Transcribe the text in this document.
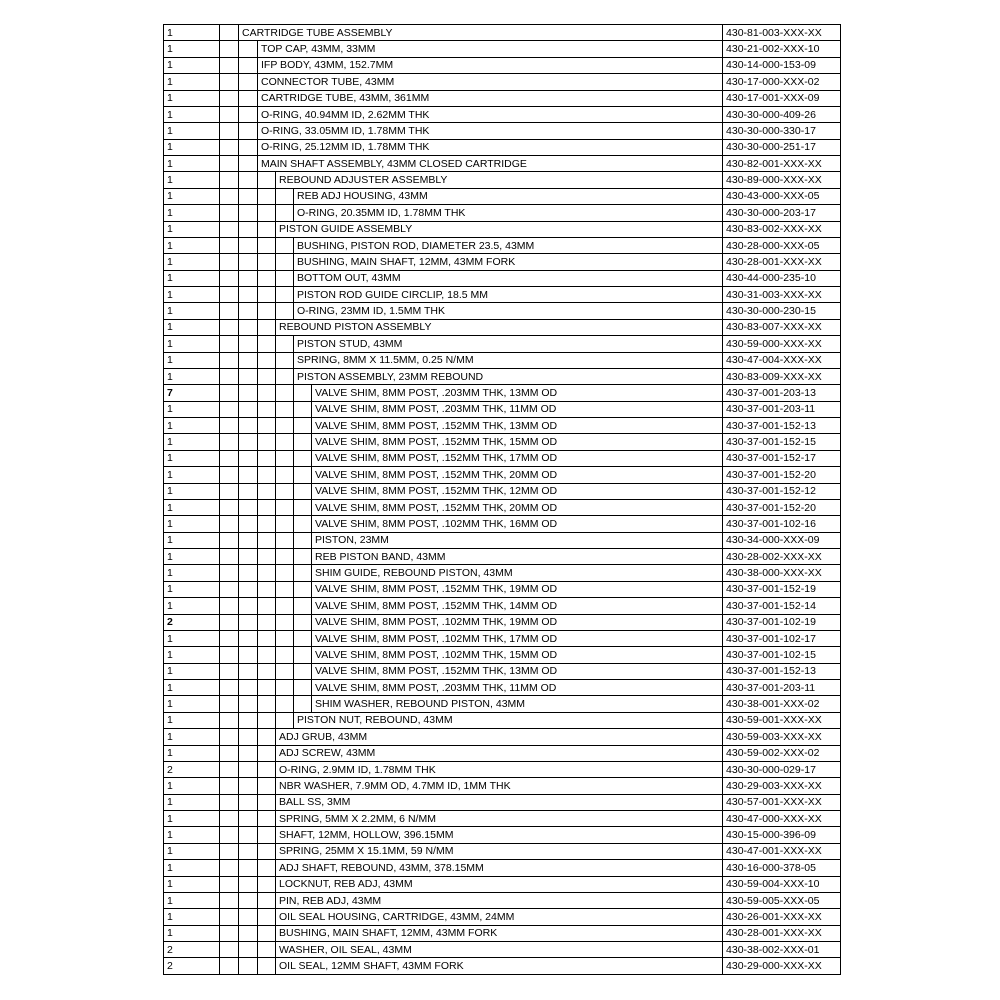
1		CARTRIDGE TUBE ASSEMBLY					430-81-003-XXX-XX
1			TOP CAP, 43MM, 33MM				430-21-002-XXX-10
1			IFP BODY, 43MM, 152.7MM				430-14-000-153-09
1			CONNECTOR TUBE, 43MM				430-17-000-XXX-02
1			CARTRIDGE TUBE, 43MM, 361MM				430-17-001-XXX-09
1			O-RING, 40.94MM ID, 2.62MM THK				430-30-000-409-26
1			O-RING, 33.05MM ID, 1.78MM THK				430-30-000-330-17
1			O-RING, 25.12MM ID, 1.78MM THK				430-30-000-251-17
1			MAIN SHAFT ASSEMBLY, 43MM CLOSED CARTRIDGE				430-82-001-XXX-XX
1				REBOUND ADJUSTER ASSEMBLY			430-89-000-XXX-XX
1					REB ADJ HOUSING, 43MM		430-43-000-XXX-05
1					O-RING, 20.35MM ID, 1.78MM THK		430-30-000-203-17
1				PISTON GUIDE ASSEMBLY			430-83-002-XXX-XX
1					BUSHING, PISTON ROD, DIAMETER 23.5, 43MM		430-28-000-XXX-05
1					BUSHING, MAIN SHAFT, 12MM, 43MM FORK		430-28-001-XXX-XX
1					BOTTOM OUT, 43MM		430-44-000-235-10
1					PISTON ROD GUIDE CIRCLIP, 18.5 MM		430-31-003-XXX-XX
1					O-RING, 23MM ID, 1.5MM THK		430-30-000-230-15
1				REBOUND PISTON ASSEMBLY			430-83-007-XXX-XX
1					PISTON STUD, 43MM		430-59-000-XXX-XX
1					SPRING, 8MM X 11.5MM, 0.25 N/MM		430-47-004-XXX-XX
1					PISTON ASSEMBLY, 23MM REBOUND		430-83-009-XXX-XX
7						VALVE SHIM, 8MM POST, .203MM THK, 13MM OD	430-37-001-203-13
1						VALVE SHIM, 8MM POST, .203MM THK, 11MM OD	430-37-001-203-11
1						VALVE SHIM, 8MM POST, .152MM THK, 13MM OD	430-37-001-152-13
1						VALVE SHIM, 8MM POST, .152MM THK, 15MM OD	430-37-001-152-15
1						VALVE SHIM, 8MM POST, .152MM THK, 17MM OD	430-37-001-152-17
1						VALVE SHIM, 8MM POST, .152MM THK, 20MM OD	430-37-001-152-20
1						VALVE SHIM, 8MM POST, .152MM THK, 12MM OD	430-37-001-152-12
1						VALVE SHIM, 8MM POST, .152MM THK, 20MM OD	430-37-001-152-20
1						VALVE SHIM, 8MM POST, .102MM THK, 16MM OD	430-37-001-102-16
1						PISTON, 23MM	430-34-000-XXX-09
1						REB PISTON BAND, 43MM	430-28-002-XXX-XX
1						SHIM GUIDE, REBOUND PISTON, 43MM	430-38-000-XXX-XX
1						VALVE SHIM, 8MM POST, .152MM THK, 19MM OD	430-37-001-152-19
1						VALVE SHIM, 8MM POST, .152MM THK, 14MM OD	430-37-001-152-14
2						VALVE SHIM, 8MM POST, .102MM THK, 19MM OD	430-37-001-102-19
1						VALVE SHIM, 8MM POST, .102MM THK, 17MM OD	430-37-001-102-17
1						VALVE SHIM, 8MM POST, .102MM THK, 15MM OD	430-37-001-102-15
1						VALVE SHIM, 8MM POST, .152MM THK, 13MM OD	430-37-001-152-13
1						VALVE SHIM, 8MM POST, .203MM THK, 11MM OD	430-37-001-203-11
1						SHIM WASHER, REBOUND PISTON, 43MM	430-38-001-XXX-02
1					PISTON NUT, REBOUND, 43MM		430-59-001-XXX-XX
1				ADJ GRUB, 43MM			430-59-003-XXX-XX
1				ADJ SCREW, 43MM			430-59-002-XXX-02
2				O-RING, 2.9MM ID, 1.78MM THK			430-30-000-029-17
1				NBR WASHER, 7.9MM OD, 4.7MM ID, 1MM THK			430-29-003-XXX-XX
1				BALL SS, 3MM			430-57-001-XXX-XX
1				SPRING, 5MM X 2.2MM, 6 N/MM			430-47-000-XXX-XX
1				SHAFT, 12MM, HOLLOW, 396.15MM			430-15-000-396-09
1				SPRING, 25MM X 15.1MM, 59 N/MM			430-47-001-XXX-XX
1				ADJ SHAFT, REBOUND, 43MM, 378.15MM			430-16-000-378-05
1				LOCKNUT, REB ADJ, 43MM			430-59-004-XXX-10
1				PIN, REB ADJ, 43MM			430-59-005-XXX-05
1				OIL SEAL HOUSING, CARTRIDGE, 43MM, 24MM			430-26-001-XXX-XX
1				BUSHING, MAIN SHAFT, 12MM, 43MM FORK			430-28-001-XXX-XX
2				WASHER, OIL SEAL, 43MM			430-38-002-XXX-01
2				OIL SEAL, 12MM SHAFT, 43MM FORK			430-29-000-XXX-XX
